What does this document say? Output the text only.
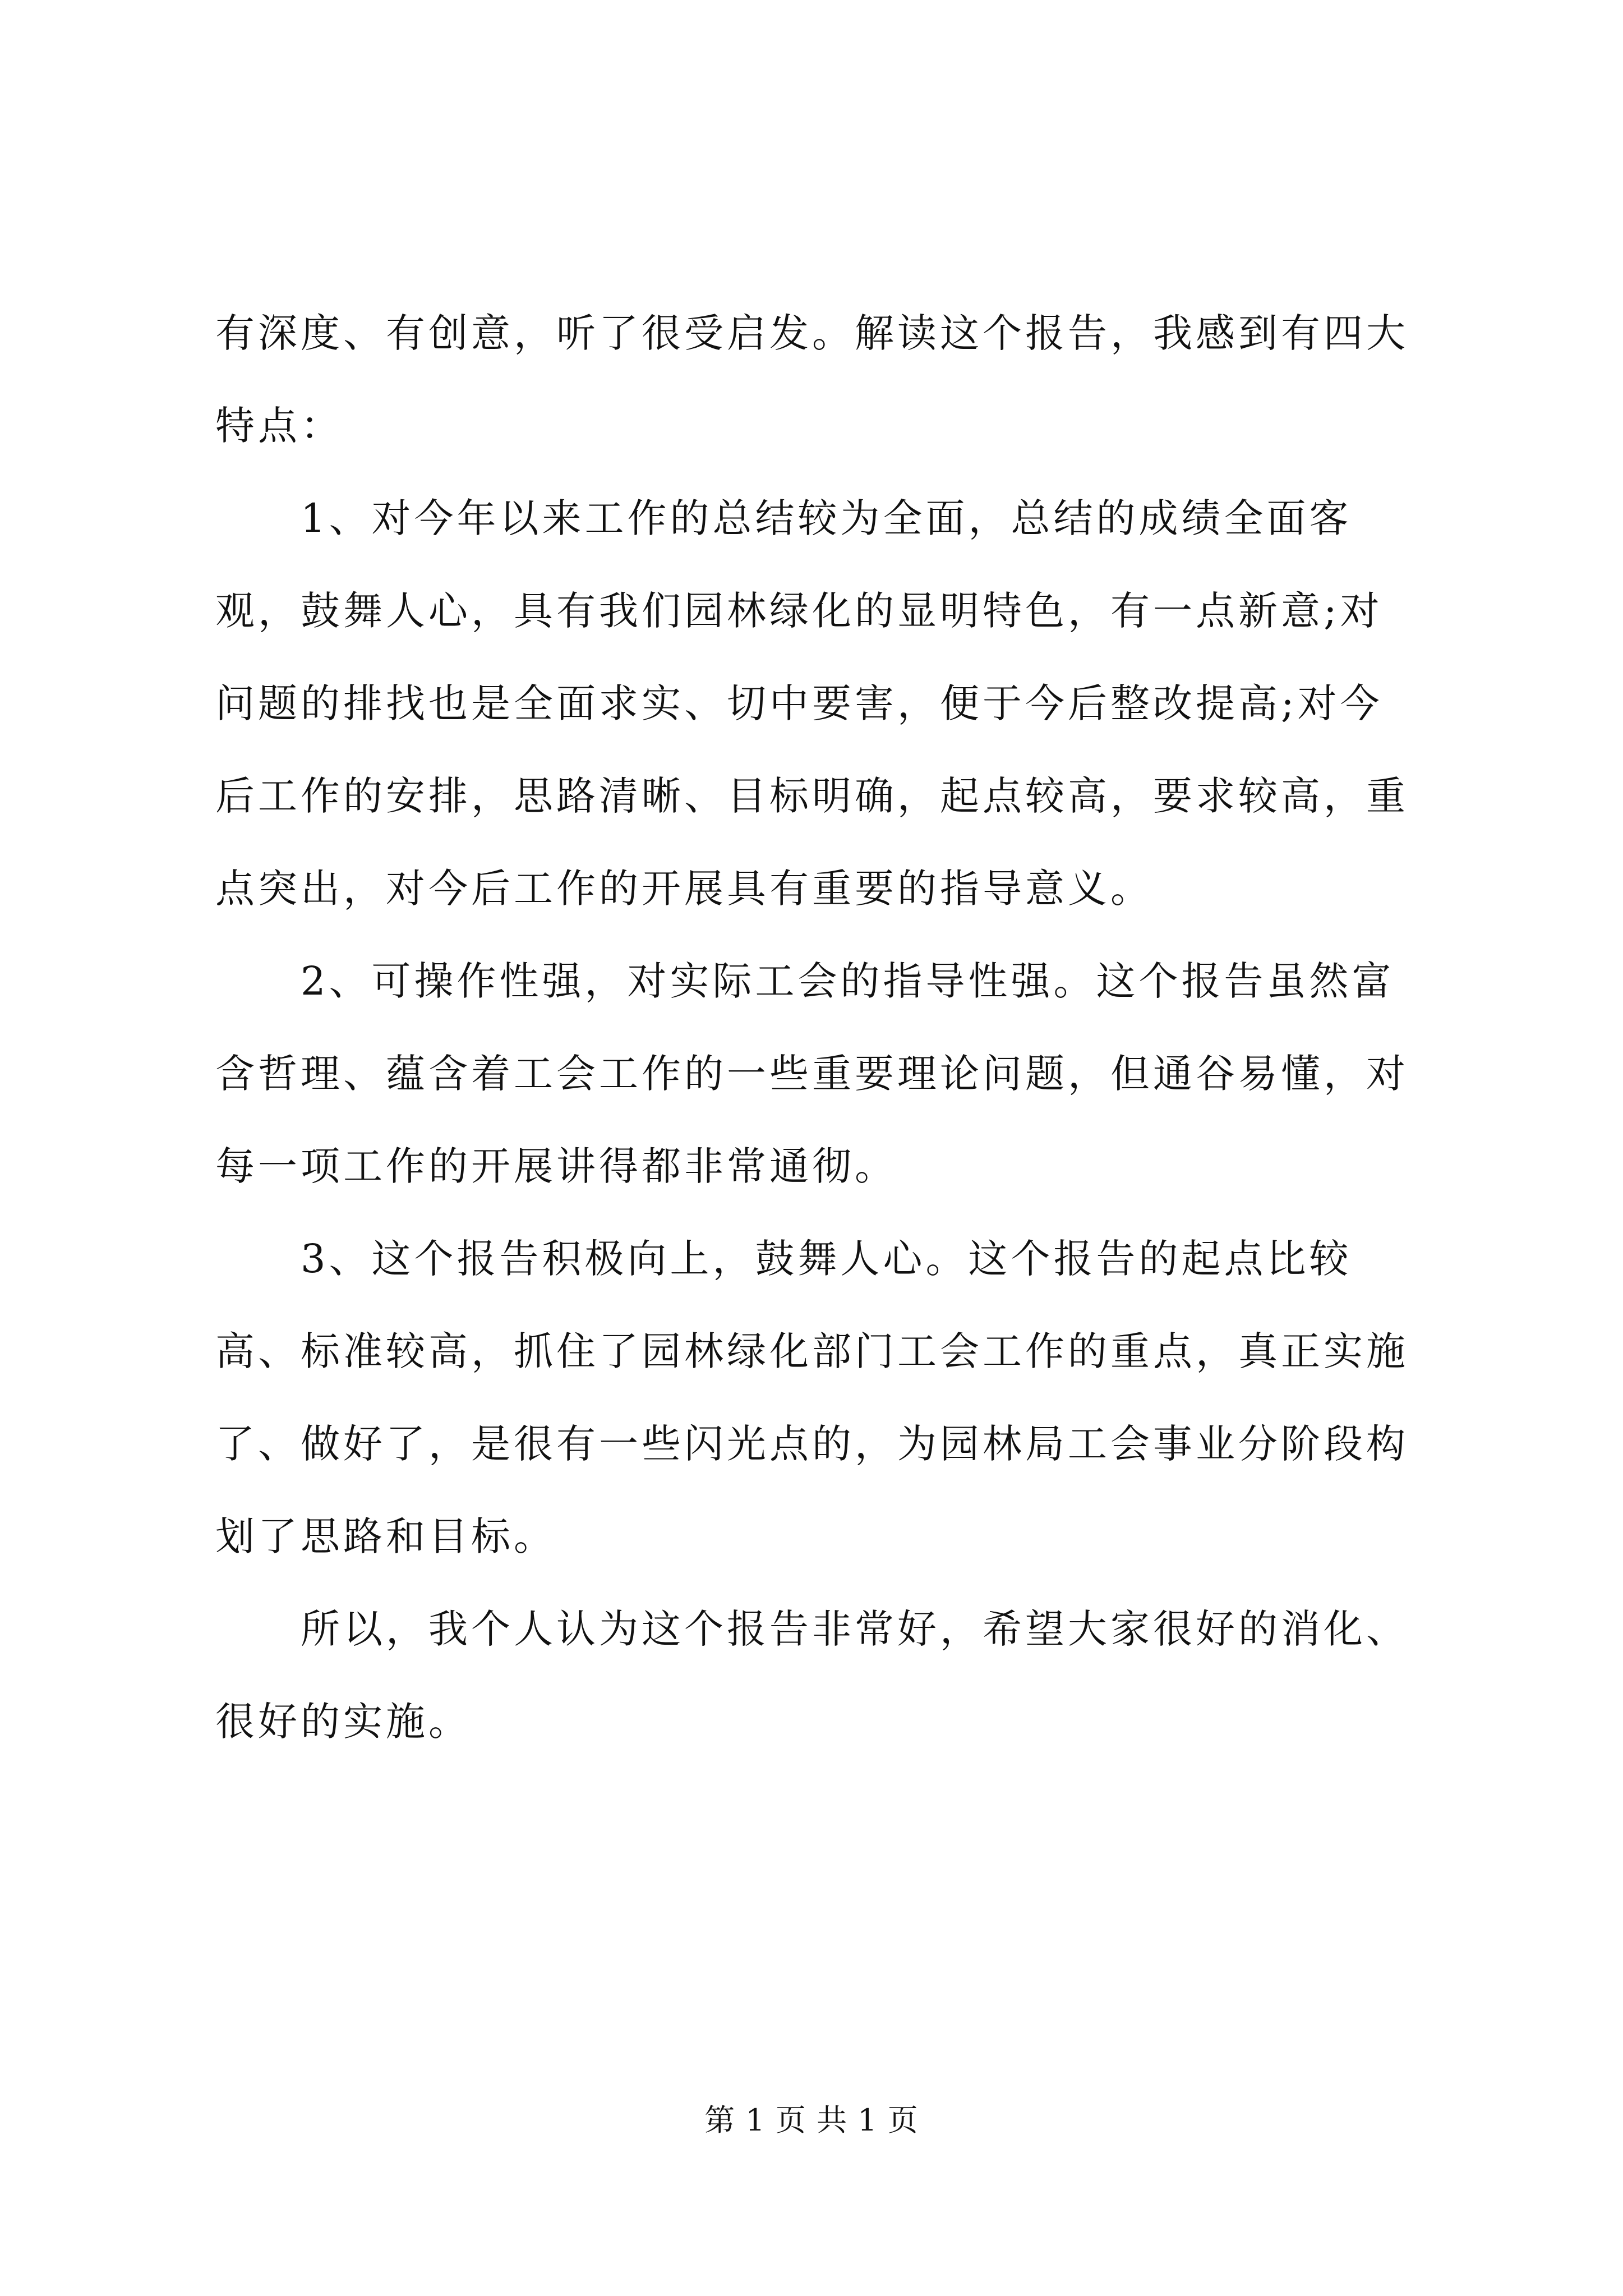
有深度、有创意，听了很受启发。解读这个报告，我感到有四大特点：

1、对今年以来工作的总结较为全面，总结的成绩全面客观，鼓舞人心，具有我们园林绿化的显明特色，有一点新意;对问题的排找也是全面求实、切中要害，便于今后整改提高;对今后工作的安排，思路清晰、目标明确，起点较高，要求较高，重点突出，对今后工作的开展具有重要的指导意义。

2、可操作性强，对实际工会的指导性强。这个报告虽然富含哲理、蕴含着工会工作的一些重要理论问题，但通谷易懂，对每一项工作的开展讲得都非常通彻。

3、这个报告积极向上，鼓舞人心。这个报告的起点比较高、标准较高，抓住了园林绿化部门工会工作的重点，真正实施了、做好了，是很有一些闪光点的，为园林局工会事业分阶段构划了思路和目标。

所以，我个人认为这个报告非常好，希望大家很好的消化、很好的实施。

第 1 页 共 1 页
